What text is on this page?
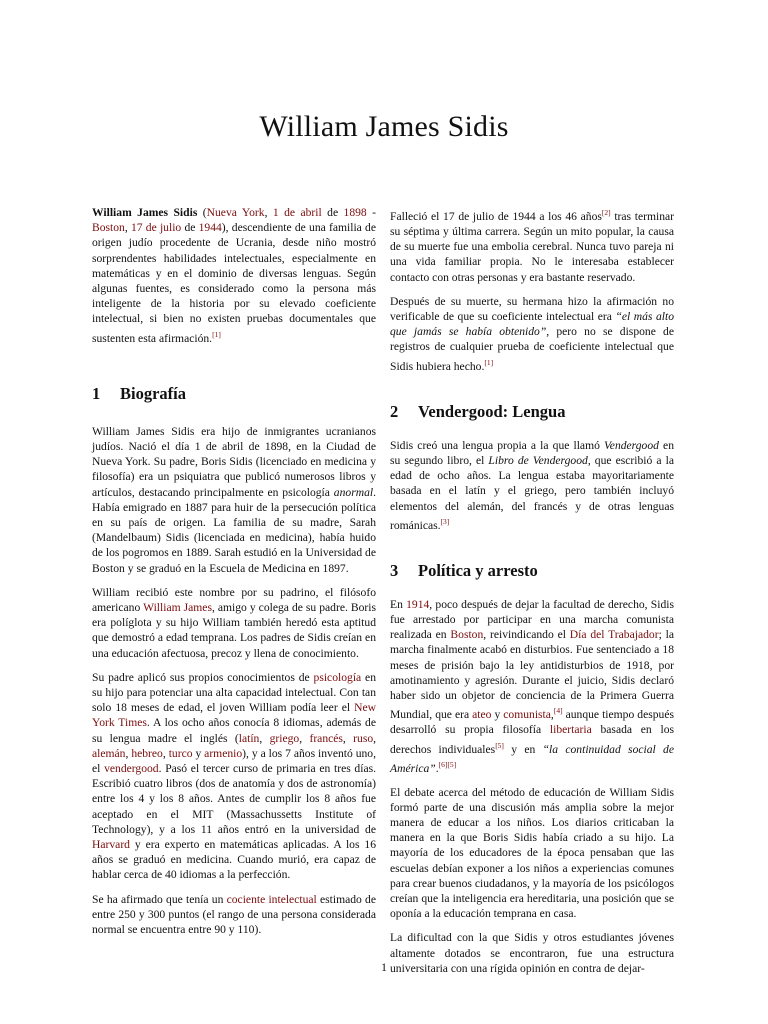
William James Sidis

William James Sidis (Nueva York, 1 de abril de 1898 - Boston, 17 de julio de 1944), descendiente de una familia de origen judío procedente de Ucrania, desde niño mostró sorprendentes habilidades intelectuales, especialmente en matemáticas y en el dominio de diversas lenguas. Según algunas fuentes, es considerado como la persona más inteligente de la historia por su elevado coeficiente intelectual, si bien no existen pruebas documentales que sustenten esta afirmación.[1]

1	Biografía

William James Sidis era hijo de inmigrantes ucranianos judíos. Nació el día 1 de abril de 1898, en la Ciudad de Nueva York. Su padre, Boris Sidis (licenciado en medicina y filosofía) era un psiquiatra que publicó numerosos libros y artículos, destacando principalmente en psicología anormal. Había emigrado en 1887 para huir de la persecución política en su país de origen. La familia de su madre, Sarah (Mandelbaum) Sidis (licenciada en medicina), había huido de los pogromos en 1889. Sarah estudió en la Universidad de Boston y se graduó en la Escuela de Medicina en 1897.

William recibió este nombre por su padrino, el filósofo americano William James, amigo y colega de su padre. Boris era políglota y su hijo William también heredó esta aptitud que demostró a edad temprana. Los padres de Sidis creían en una educación afectuosa, precoz y llena de conocimiento.

Su padre aplicó sus propios conocimientos de psicología en su hijo para potenciar una alta capacidad intelectual. Con tan solo 18 meses de edad, el joven William podía leer el New York Times. A los ocho años conocía 8 idiomas, además de su lengua madre el inglés (latín, griego, francés, ruso, alemán, hebreo, turco y armenio), y a los 7 años inventó uno, el vendergood. Pasó el tercer curso de primaria en tres días. Escribió cuatro libros (dos de anatomía y dos de astronomía) entre los 4 y los 8 años. Antes de cumplir los 8 años fue aceptado en el MIT (Massachussetts Institute of Technology), y a los 11 años entró en la universidad de Harvard y era experto en matemáticas aplicadas. A los 16 años se graduó en medicina. Cuando murió, era capaz de hablar cerca de 40 idiomas a la perfección.

Se ha afirmado que tenía un cociente intelectual estimado de entre 250 y 300 puntos (el rango de una persona considerada normal se encuentra entre 90 y 110).

Falleció el 17 de julio de 1944 a los 46 años[2] tras terminar su séptima y última carrera. Según un mito popular, la causa de su muerte fue una embolia cerebral. Nunca tuvo pareja ni una vida familiar propia. No le interesaba establecer contacto con otras personas y era bastante reservado.

Después de su muerte, su hermana hizo la afirmación no verificable de que su coeficiente intelectual era “el más alto que jamás se había obtenido”, pero no se dispone de registros de cualquier prueba de coeficiente intelectual que Sidis hubiera hecho.[1]

2	Vendergood: Lengua

Sidis creó una lengua propia a la que llamó Vendergood en su segundo libro, el Libro de Vendergood, que escribió a la edad de ocho años. La lengua estaba mayoritariamente basada en el latín y el griego, pero también incluyó elementos del alemán, del francés y de otras lenguas románicas.[3]

3	Política y arresto

En 1914, poco después de dejar la facultad de derecho, Sidis fue arrestado por participar en una marcha comunista realizada en Boston, reivindicando el Día del Trabajador; la marcha finalmente acabó en disturbios. Fue sentenciado a 18 meses de prisión bajo la ley antidisturbios de 1918, por amotinamiento y agresión. Durante el juicio, Sidis declaró haber sido un objetor de conciencia de la Primera Guerra Mundial, que era ateo y comunista,[4] aunque tiempo después desarrolló su propia filosofía libertaria basada en los derechos individuales[5] y en “la continuidad social de América”.[6][5]

El debate acerca del método de educación de William Sidis formó parte de una discusión más amplia sobre la mejor manera de educar a los niños. Los diarios criticaban la manera en la que Boris Sidis había criado a su hijo. La mayoría de los educadores de la época pensaban que las escuelas debían exponer a los niños a experiencias comunes para crear buenos ciudadanos, y la mayoría de los psicólogos creían que la inteligencia era hereditaria, una posición que se oponía a la educación temprana en casa.

La dificultad con la que Sidis y otros estudiantes jóvenes altamente dotados se encontraron, fue una estructura universitaria con una rígida opinión en contra de dejar-

1
